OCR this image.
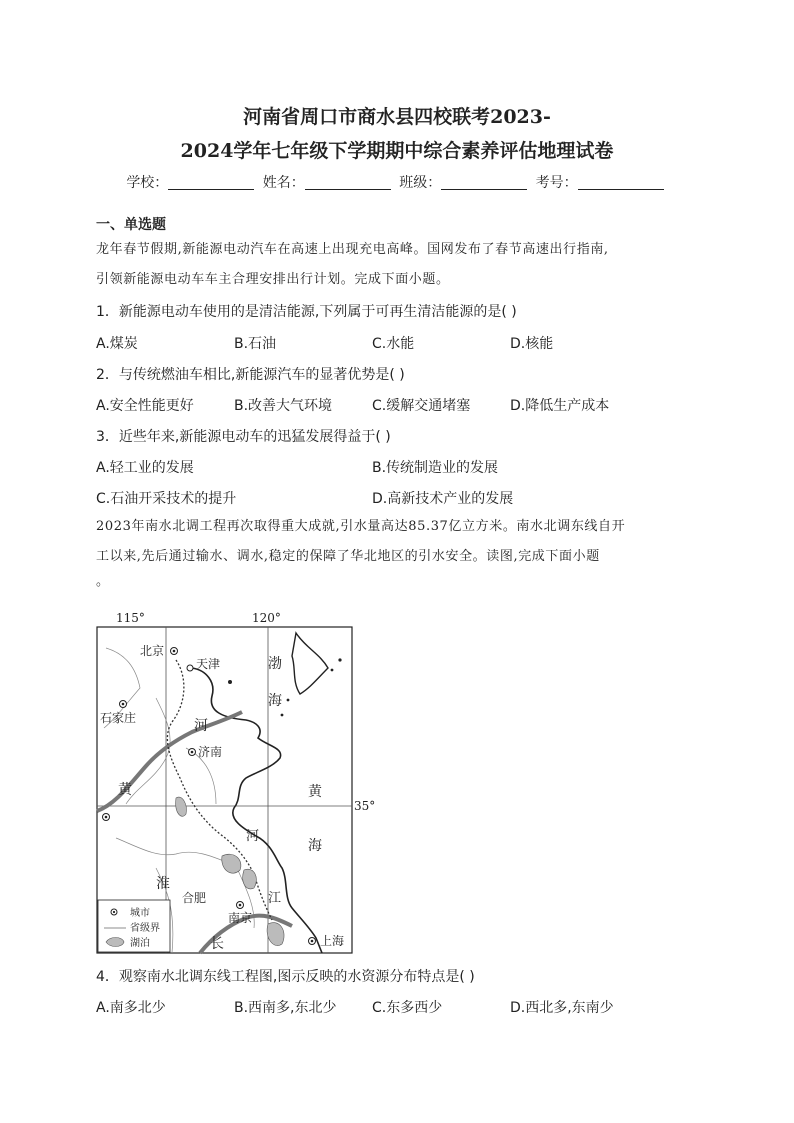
河南省周口市商水县四校联考2023-
2024学年七年级下学期期中综合素养评估地理试卷
学校：	姓名：	班级：	考号：
一、单选题
龙年春节假期,新能源电动汽车在高速上出现充电高峰。国网发布了春节高速出行指南,
引领新能源电动车车主合理安排出行计划。完成下面小题。
1．新能源电动车使用的是清洁能源,下列属于可再生清洁能源的是( )
A.煤炭	B.石油	C.水能	D.核能
2．与传统燃油车相比,新能源汽车的显著优势是( )
A.安全性能更好	B.改善大气环境	C.缓解交通堵塞	D.降低生产成本
3．近些年来,新能源电动车的迅猛发展得益于( )
A.轻工业的发展	B.传统制造业的发展
C.石油开采技术的提升	D.高新技术产业的发展
2023年南水北调工程再次取得重大成就,引水量高达85.37亿立方米。南水北调东线自开
工以来,先后通过输水、调水,稳定的保障了华北地区的引水安全。读图,完成下面小题
。
北京
天津
石家庄
济南
合肥
南京
上海
115°	120°
35°
渤
海
河
黄	黄
海
河
淮
江
长
城市
省级界
湖泊
4．观察南水北调东线工程图,图示反映的水资源分布特点是( )
A.南多北少	B.西南多,东北少	C.东多西少	D.西北多,东南少
